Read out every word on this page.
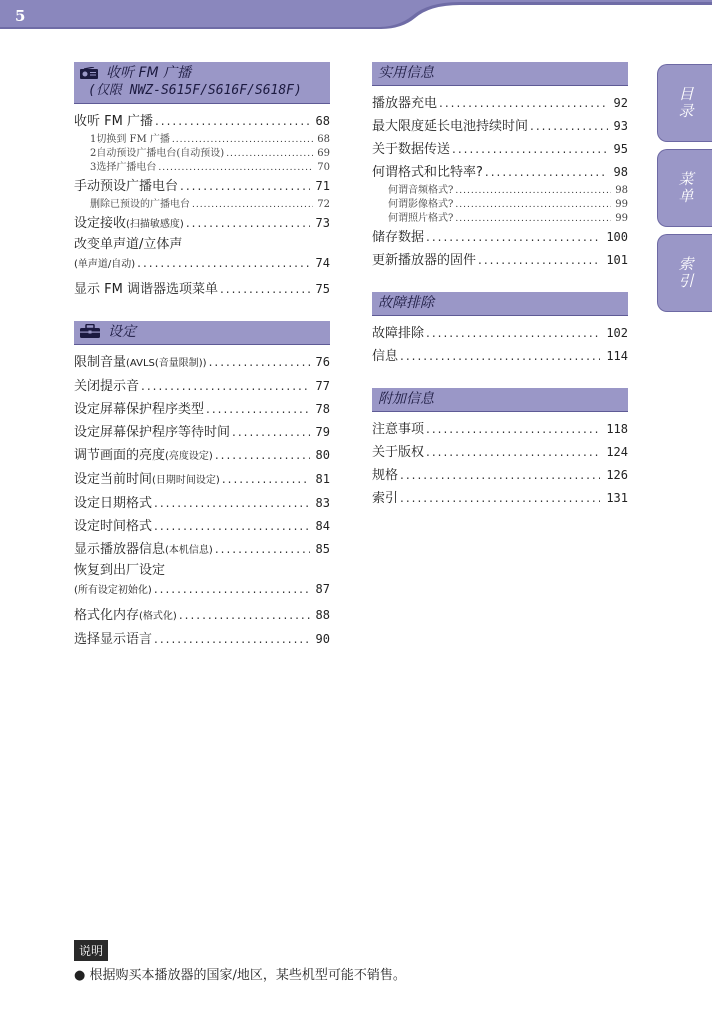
5
收听 FM 广播
(仅限 NWZ-S615F/S616F/S618F)
收听 FM 广播 .....	68
1切换到 FM 广播 .....	68
2自动预设广播电台 (自动预设) .....	69
3选择广播电台 .....	70
手动预设广播电台 .....	71
删除已预设的广播电台 .....	72
设定接收 (扫描敏感度) .....	73
改变单声道/立体声
(单声道/自动) .....	74
显示 FM 调谐器选项菜单 .....	75
设定
限制音量 (AVLS(音量限制)) .....	76
关闭提示音 .....	77
设定屏幕保护程序类型 .....	78
设定屏幕保护程序等待时间 .....	79
调节画面的亮度 (亮度设定) .....	80
设定当前时间 (日期时间设定) .....	81
设定日期格式 .....	83
设定时间格式 .....	84
显示播放器信息 (本机信息) .....	85
恢复到出厂设定
(所有设定初始化) .....	87
格式化内存 (格式化) .....	88
选择显示语言 .....	90
实用信息
播放器充电 .....	92
最大限度延长电池持续时间 .....	93
关于数据传送 .....	95
何谓格式和比特率? .....	98
何谓音频格式? .....	98
何谓影像格式? .....	99
何谓照片格式? .....	99
储存数据 .....	100
更新播放器的固件 .....	101
故障排除
故障排除 .....	102
信息 .....	114
附加信息
注意事项 .....	118
关于版权 .....	124
规格 .....	126
索引 .....	131
目录
菜单
索引
说明
● 根据购买本播放器的国家/地区，某些机型可能不销售。
